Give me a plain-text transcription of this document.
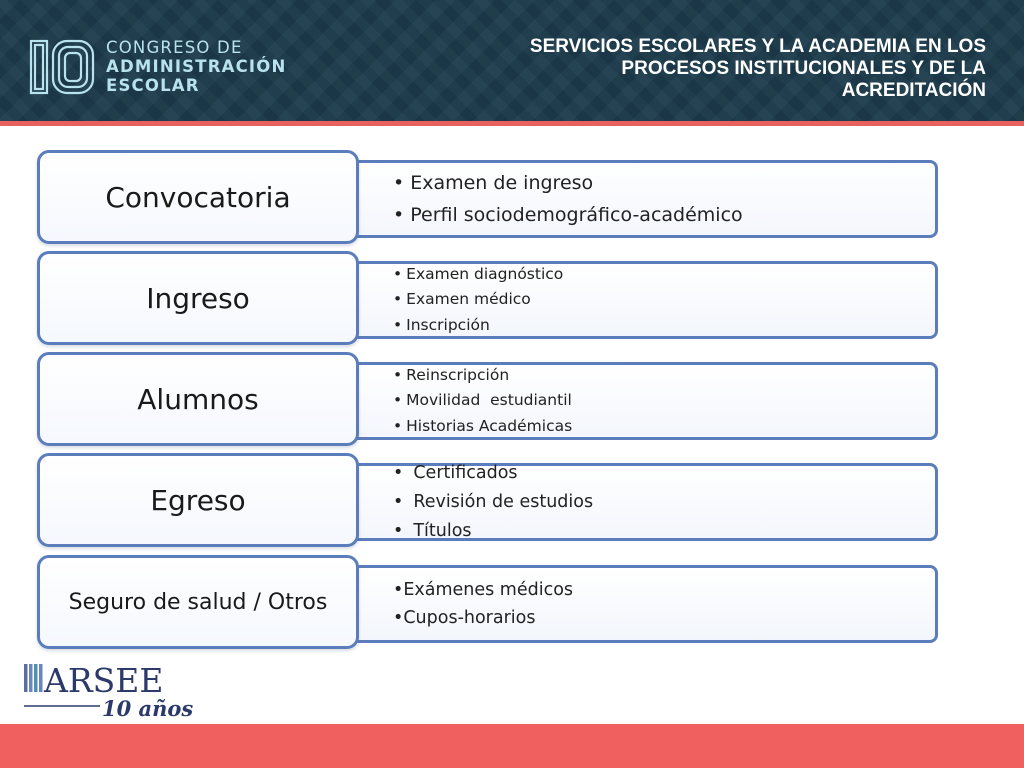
CONGRESO DE
ADMINISTRACIÓN
ESCOLAR
SERVICIOS ESCOLARES Y LA ACADEMIA EN LOS
PROCESOS INSTITUCIONALES Y DE LA
ACREDITACIÓN
• Examen de ingreso
• Perfil sociodemográfico-académico
Convocatoria
• Examen diagnóstico
• Examen médico
• Inscripción
Ingreso
• Reinscripción
• Movilidad  estudiantil
• Historias Académicas
Alumnos
• Certificados
• Revisión de estudios
• Títulos
Egreso
•Exámenes médicos
•Cupos-horarios
Seguro de salud / Otros
ARSEE
10 años
